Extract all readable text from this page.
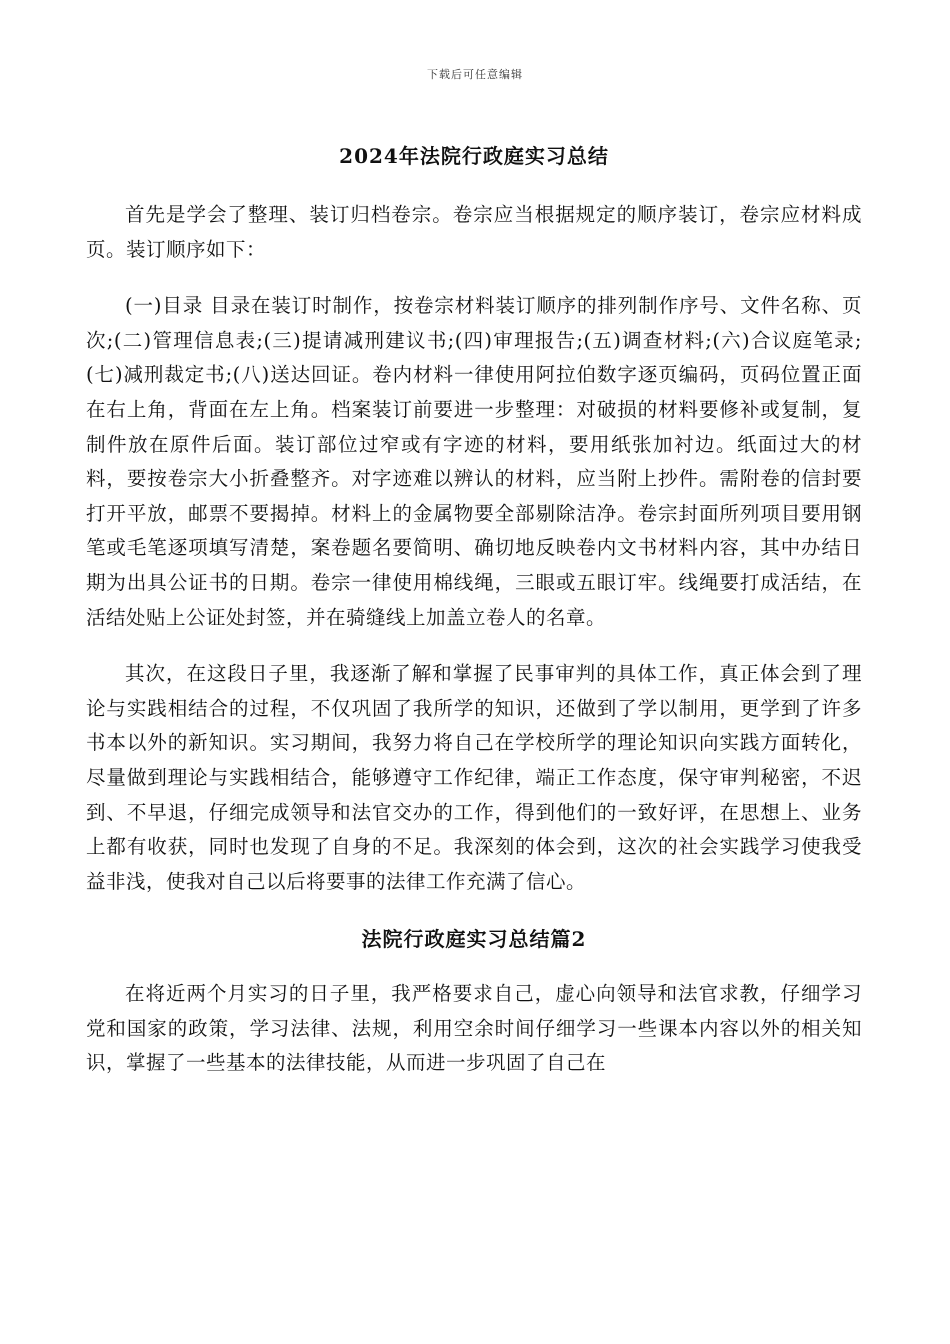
下载后可任意编辑
2024年法院行政庭实习总结

首先是学会了整理、装订归档卷宗。卷宗应当根据规定的顺序装订，卷宗应材料成页。装订顺序如下：

(一)目录 目录在装订时制作，按卷宗材料装订顺序的排列制作序号、文件名称、页次;(二)管理信息表;(三)提请减刑建议书;(四)审理报告;(五)调查材料;(六)合议庭笔录;(七)减刑裁定书;(八)送达回证。卷内材料一律使用阿拉伯数字逐页编码，页码位置正面在右上角，背面在左上角。档案装订前要进一步整理：对破损的材料要修补或复制，复制件放在原件后面。装订部位过窄或有字迹的材料，要用纸张加衬边。纸面过大的材料，要按卷宗大小折叠整齐。对字迹难以辨认的材料，应当附上抄件。需附卷的信封要打开平放，邮票不要揭掉。材料上的金属物要全部剔除洁净。卷宗封面所列项目要用钢笔或毛笔逐项填写清楚，案卷题名要简明、确切地反映卷内文书材料内容，其中办结日期为出具公证书的日期。卷宗一律使用棉线绳，三眼或五眼订牢。线绳要打成活结，在活结处贴上公证处封签，并在骑缝线上加盖立卷人的名章。

其次，在这段日子里，我逐渐了解和掌握了民事审判的具体工作，真正体会到了理论与实践相结合的过程，不仅巩固了我所学的知识，还做到了学以制用，更学到了许多书本以外的新知识。实习期间，我努力将自己在学校所学的理论知识向实践方面转化，尽量做到理论与实践相结合，能够遵守工作纪律，端正工作态度，保守审判秘密，不迟到、不早退，仔细完成领导和法官交办的工作，得到他们的一致好评，在思想上、业务上都有收获，同时也发现了自身的不足。我深刻的体会到，这次的社会实践学习使我受益非浅，使我对自己以后将要事的法律工作充满了信心。

法院行政庭实习总结篇2

在将近两个月实习的日子里，我严格要求自己，虚心向领导和法官求教，仔细学习党和国家的政策，学习法律、法规，利用空余时间仔细学习一些课本内容以外的相关知识，掌握了一些基本的法律技能，从而进一步巩固了自己在
